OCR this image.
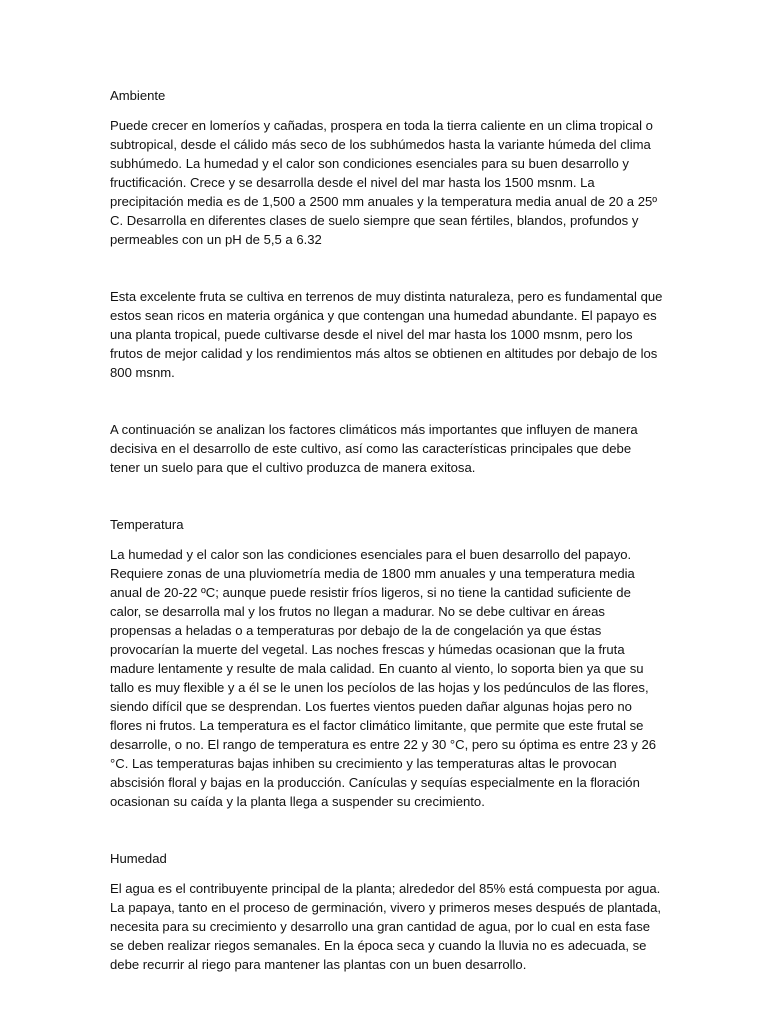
Ambiente

Puede crecer en lomeríos y cañadas, prospera en toda la tierra caliente en un clima tropical o subtropical, desde el cálido más seco de los subhúmedos hasta la variante húmeda del clima subhúmedo. La humedad y el calor son condiciones esenciales para su buen desarrollo y fructificación. Crece y se desarrolla desde el nivel del mar hasta los 1500 msnm. La precipitación media es de 1,500 a 2500 mm anuales y la temperatura media anual de 20 a 25º C. Desarrolla en diferentes clases de suelo siempre que sean fértiles, blandos, profundos y permeables con un pH de 5,5 a 6.32

Esta excelente fruta se cultiva en terrenos de muy distinta naturaleza, pero es fundamental que estos sean ricos en materia orgánica y que contengan una humedad abundante. El papayo es una planta tropical, puede cultivarse desde el nivel del mar hasta los 1000 msnm, pero los frutos de mejor calidad y los rendimientos más altos se obtienen en altitudes por debajo de los 800 msnm.

A continuación se analizan los factores climáticos más importantes que influyen de manera decisiva en el desarrollo de este cultivo, así como las características principales que debe tener un suelo para que el cultivo produzca de manera exitosa.

Temperatura

La humedad y el calor son las condiciones esenciales para el buen desarrollo del papayo. Requiere zonas de una pluviometría media de 1800 mm anuales y una temperatura media anual de 20-22 ºC; aunque puede resistir fríos ligeros, si no tiene la cantidad suficiente de calor, se desarrolla mal y los frutos no llegan a madurar. No se debe cultivar en áreas propensas a heladas o a temperaturas por debajo de la de congelación ya que éstas provocarían la muerte del vegetal. Las noches frescas y húmedas ocasionan que la fruta madure lentamente y resulte de mala calidad. En cuanto al viento, lo soporta bien ya que su tallo es muy flexible y a él se le unen los pecíolos de las hojas y los pedúnculos de las flores, siendo difícil que se desprendan. Los fuertes vientos pueden dañar algunas hojas pero no flores ni frutos. La temperatura es el factor climático limitante, que permite que este frutal se desarrolle, o no. El rango de temperatura es entre 22 y 30 °C, pero su óptima es entre 23 y 26 °C. Las temperaturas bajas inhiben su crecimiento y las temperaturas altas le provocan abscisión floral y bajas en la producción. Canículas y sequías especialmente en la floración ocasionan su caída y la planta llega a suspender su crecimiento.

Humedad

El agua es el contribuyente principal de la planta; alrededor del 85% está compuesta por agua. La papaya, tanto en el proceso de germinación, vivero y primeros meses después de plantada, necesita para su crecimiento y desarrollo una gran cantidad de agua, por lo cual en esta fase se deben realizar riegos semanales. En la época seca y cuando la lluvia no es adecuada, se debe recurrir al riego para mantener las plantas con un buen desarrollo.
